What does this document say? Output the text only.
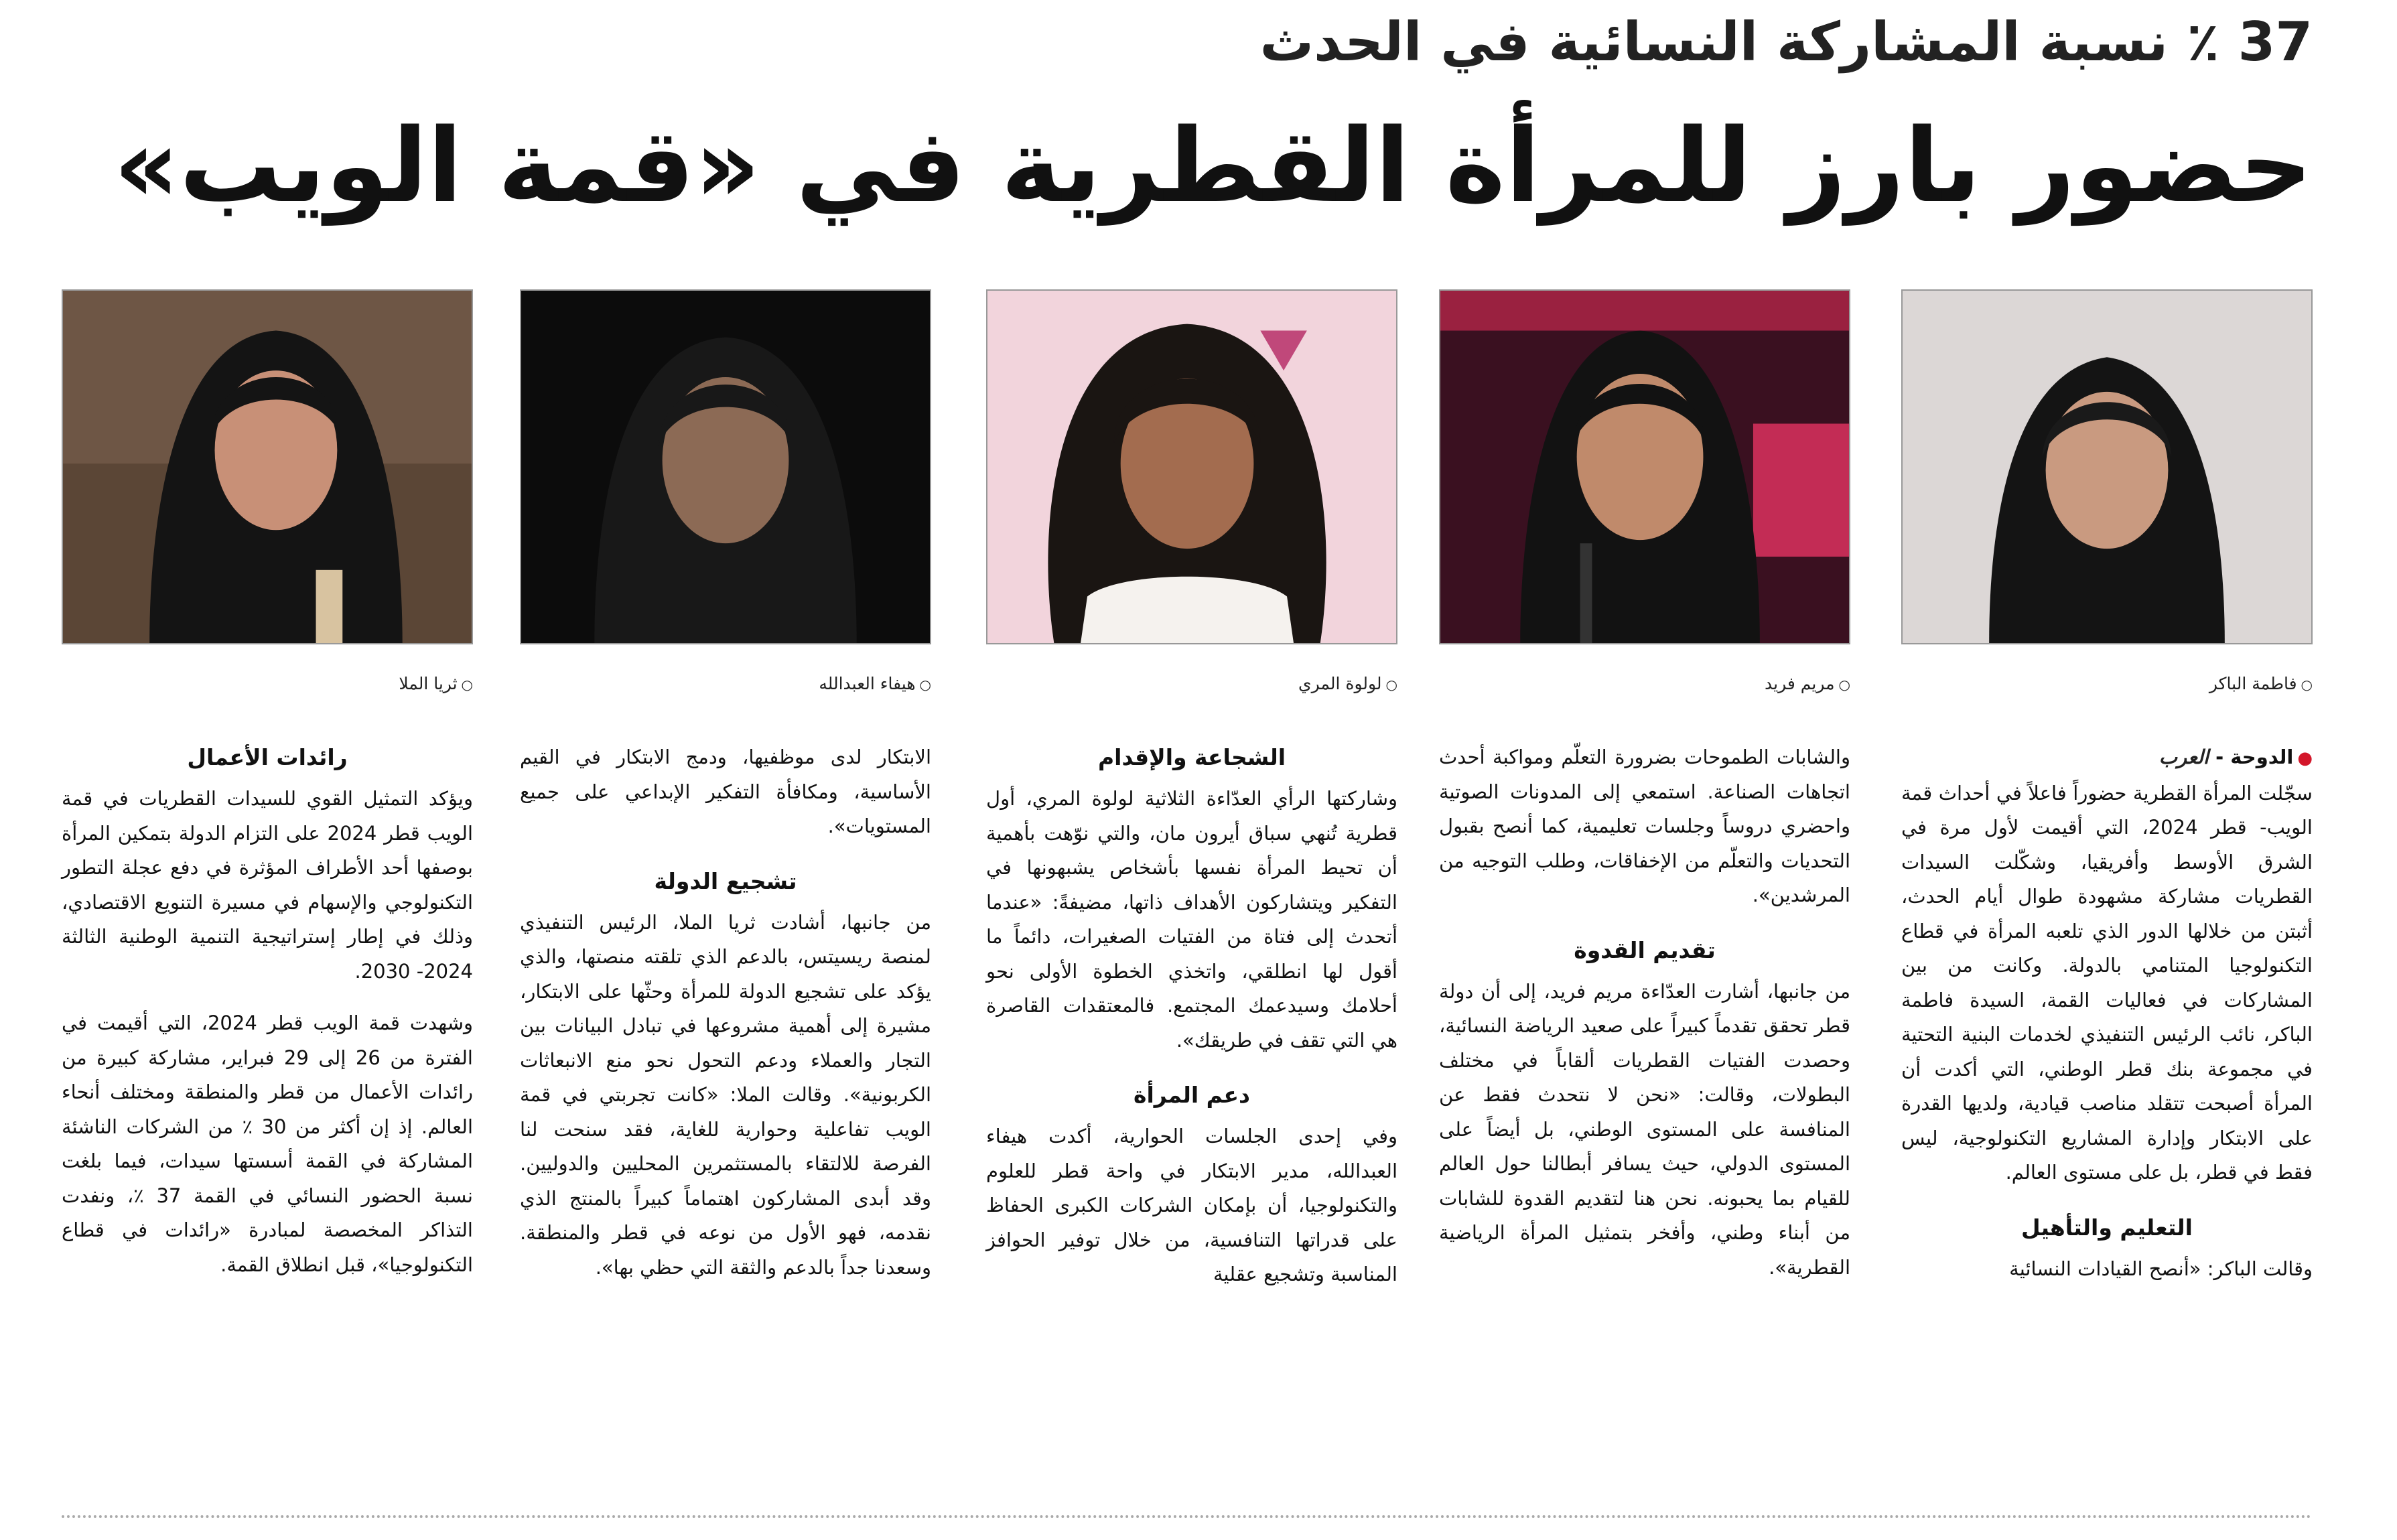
37 ٪ نسبة المشاركة النسائية في الحدث
حضور بارز للمرأة القطرية في «قمة الويب»
○فاطمة الباكر
○مريم فريد
○لولوة المري
○هيفاء العبدالله
○ثريا الملا
●الدوحة - العرب

سجّلت المرأة القطرية حضوراً فاعلاً في أحداث قمة الويب- قطر 2024، التي أقيمت لأول مرة في الشرق الأوسط وأفريقيا، وشكّلت السيدات القطريات مشاركة مشهودة طوال أيام الحدث، أثبتن من خلالها الدور الذي تلعبه المرأة في قطاع التكنولوجيا المتنامي بالدولة. وكانت من بين المشاركات في فعاليات القمة، السيدة فاطمة الباكر، نائب الرئيس التنفيذي لخدمات البنية التحتية في مجموعة بنك قطر الوطني، التي أكدت أن المرأة أصبحت تتقلد مناصب قيادية، ولديها القدرة على الابتكار وإدارة المشاريع التكنولوجية، ليس فقط في قطر، بل على مستوى العالم.

التعليم والتأهيل

وقالت الباكر: «أنصح القيادات النسائية

والشابات الطموحات بضرورة التعلّم ومواكبة أحدث اتجاهات الصناعة. استمعي إلى المدونات الصوتية واحضري دروساً وجلسات تعليمية، كما أنصح بقبول التحديات والتعلّم من الإخفاقات، وطلب التوجيه من المرشدين».

تقديم القدوة

من جانبها، أشارت العدّاءة مريم فريد، إلى أن دولة قطر تحقق تقدماً كبيراً على صعيد الرياضة النسائية، وحصدت الفتيات القطريات ألقاباً في مختلف البطولات، وقالت: «نحن لا نتحدث فقط عن المنافسة على المستوى الوطني، بل أيضاً على المستوى الدولي، حيث يسافر أبطالنا حول العالم للقيام بما يحبونه. نحن هنا لتقديم القدوة للشابات من أبناء وطني، وأفخر بتمثيل المرأة الرياضية القطرية».

الشجاعة والإقدام

وشاركتها الرأي العدّاءة الثلاثية لولوة المري، أول قطرية تُنهي سباق أيرون مان، والتي نوّهت بأهمية أن تحيط المرأة نفسها بأشخاص يشبهونها في التفكير ويتشاركون الأهداف ذاتها، مضيفةً: «عندما أتحدث إلى فتاة من الفتيات الصغيرات، دائماً ما أقول لها انطلقي، واتخذي الخطوة الأولى نحو أحلامك وسيدعمك المجتمع. فالمعتقدات القاصرة هي التي تقف في طريقك».

دعم المرأة

وفي إحدى الجلسات الحوارية، أكدت هيفاء العبدالله، مدير الابتكار في واحة قطر للعلوم والتكنولوجيا، أن بإمكان الشركات الكبرى الحفاظ على قدراتها التنافسية، من خلال توفير الحوافز المناسبة وتشجيع عقلية

الابتكار لدى موظفيها، ودمج الابتكار في القيم الأساسية، ومكافأة التفكير الإبداعي على جميع المستويات».

تشجيع الدولة

من جانبها، أشادت ثريا الملا، الرئيس التنفيذي لمنصة ريسيتس، بالدعم الذي تلقته منصتها، والذي يؤكد على تشجيع الدولة للمرأة وحثّها على الابتكار، مشيرة إلى أهمية مشروعها في تبادل البيانات بين التجار والعملاء ودعم التحول نحو منع الانبعاثات الكربونية». وقالت الملا: «كانت تجربتي في قمة الويب تفاعلية وحوارية للغاية، فقد سنحت لنا الفرصة للالتقاء بالمستثمرين المحليين والدوليين. وقد أبدى المشاركون اهتماماً كبيراً بالمنتج الذي نقدمه، فهو الأول من نوعه في قطر والمنطقة. وسعدنا جداً بالدعم والثقة التي حظي بها».

رائدات الأعمال

ويؤكد التمثيل القوي للسيدات القطريات في قمة الويب قطر 2024 على التزام الدولة بتمكين المرأة بوصفها أحد الأطراف المؤثرة في دفع عجلة التطور التكنولوجي والإسهام في مسيرة التنويع الاقتصادي، وذلك في إطار إستراتيجية التنمية الوطنية الثالثة 2024- 2030.

وشهدت قمة الويب قطر 2024، التي أقيمت في الفترة من 26 إلى 29 فبراير، مشاركة كبيرة من رائدات الأعمال من قطر والمنطقة ومختلف أنحاء العالم. إذ إن أكثر من 30 ٪ من الشركات الناشئة المشاركة في القمة أسستها سيدات، فيما بلغت نسبة الحضور النسائي في القمة 37 ٪، ونفدت التذاكر المخصصة لمبادرة «رائدات في قطاع التكنولوجيا»، قبل انطلاق القمة.
